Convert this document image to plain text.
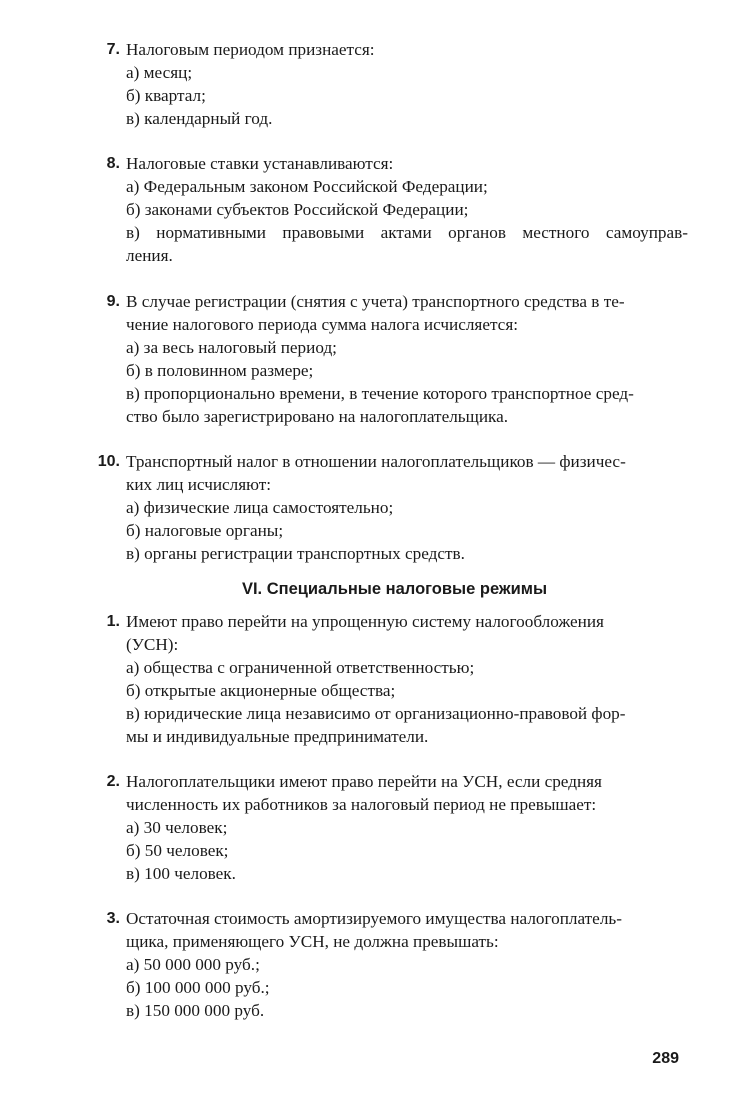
7. Налоговым периодом признается:
а) месяц;
б) квартал;
в) календарный год.
8. Налоговые ставки устанавливаются:
а) Федеральным законом Российской Федерации;
б) законами субъектов Российской Федерации;
в) нормативными правовыми актами органов местного самоуправ-
ления.
9. В случае регистрации (снятия с учета) транспортного средства в те-
чение налогового периода сумма налога исчисляется:
а) за весь налоговый период;
б) в половинном размере;
в) пропорционально времени, в течение которого транспортное сред-
ство было зарегистрировано на налогоплательщика.
10. Транспортный налог в отношении налогоплательщиков — физичес-
ких лиц исчисляют:
а) физические лица самостоятельно;
б) налоговые органы;
в) органы регистрации транспортных средств.
VI. Специальные налоговые режимы
1. Имеют право перейти на упрощенную систему налогообложения
(УСН):
а) общества с ограниченной ответственностью;
б) открытые акционерные общества;
в) юридические лица независимо от организационно-правовой фор-
мы и индивидуальные предприниматели.
2. Налогоплательщики имеют право перейти на УСН, если средняя
численность их работников за налоговый период не превышает:
а) 30 человек;
б) 50 человек;
в) 100 человек.
3. Остаточная стоимость амортизируемого имущества налогоплатель-
щика, применяющего УСН, не должна превышать:
а) 50 000 000 руб.;
б) 100 000 000 руб.;
в) 150 000 000 руб.
289
